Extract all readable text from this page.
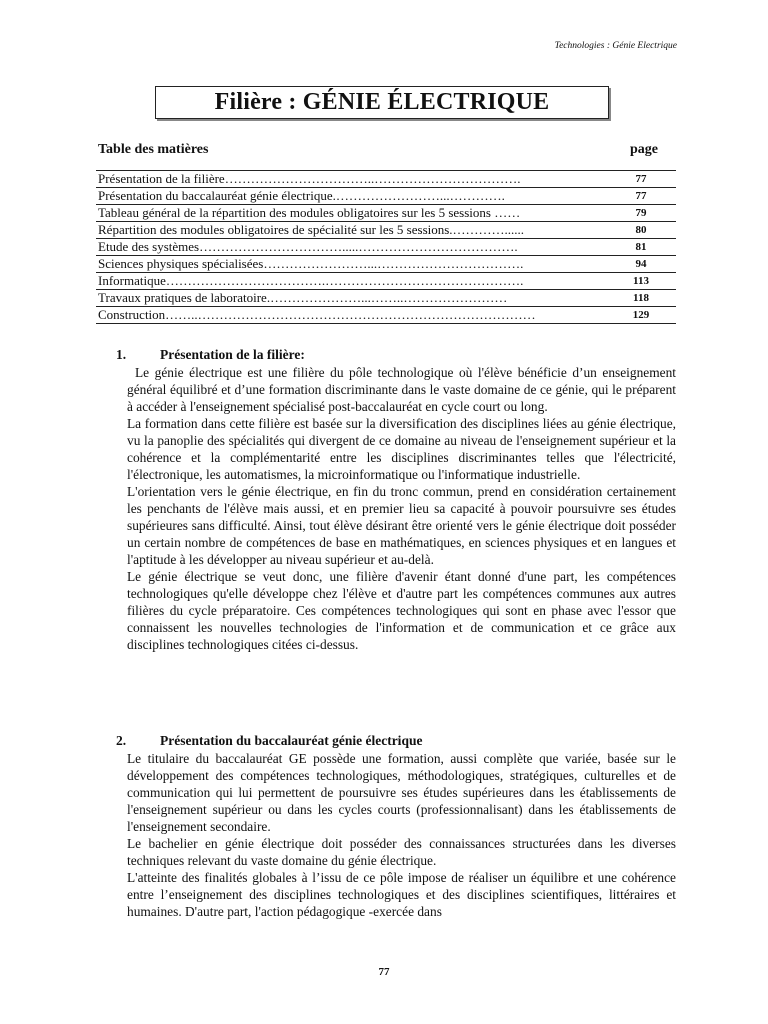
Technologies : Génie Electrique
Filière : GÉNIE ÉLECTRIQUE
Table des matières	page
Présentation de la filière……………………………..…………………………….	77
Présentation du baccalauréat génie électrique.……………………...………….	77
Tableau général de la répartition des modules obligatoires sur les 5 sessions ……	79
Répartition des modules obligatoires de spécialité sur les 5 sessions.…………......	80
Etude des systèmes…………………………….....……………………………….	81
Sciences physiques spécialisées……………………...…………………………….	94
Informatique……………………………….……………………………………….	113
Travaux pratiques de laboratoire.…………………...……..……………………	118
Construction……..……………………………………………………………………	129
1.	Présentation de la filière:

Le génie électrique est une filière du pôle technologique où l'élève bénéficie d’un enseignement général équilibré et d’une formation discriminante dans le vaste domaine de ce génie, qui le préparent à accéder à l'enseignement spécialisé post-baccalauréat en cycle court ou long.

La formation dans cette filière est basée sur la diversification des disciplines liées au génie électrique, vu la panoplie des spécialités qui divergent de ce domaine au niveau de l'enseignement supérieur et la cohérence et la complémentarité entre les disciplines discriminantes telles que l'électricité, l'électronique, les automatismes, la microinformatique ou l'informatique industrielle.

L'orientation vers le génie électrique, en fin du tronc commun, prend en considération certainement les penchants de l'élève mais aussi, et en premier lieu sa capacité à pouvoir poursuivre ses études supérieures sans difficulté. Ainsi, tout élève désirant être orienté vers le génie électrique doit posséder un certain nombre de compétences de base en mathématiques, en sciences physiques et en langues et l'aptitude à les développer au niveau supérieur et au-delà.

Le génie électrique se veut donc, une filière d'avenir étant donné d'une part, les compétences technologiques qu'elle développe chez l'élève et d'autre part les compétences communes aux autres filières du cycle préparatoire. Ces compétences technologiques qui sont en phase avec l'essor que connaissent les nouvelles technologies de l'information et de communication et ce grâce aux disciplines technologiques citées ci-dessus.

2.	Présentation du baccalauréat génie électrique

Le titulaire du baccalauréat GE possède une formation, aussi complète que variée, basée sur le développement des compétences technologiques, méthodologiques, stratégiques, culturelles et de communication qui lui permettent de poursuivre ses études supérieures dans les établissements de l'enseignement supérieur ou dans les cycles courts (professionnalisant) dans les établissements de l'enseignement secondaire.

Le bachelier en génie électrique doit posséder des connaissances structurées dans les diverses techniques relevant du vaste domaine du génie électrique.

L'atteinte des finalités globales à l’issu de ce pôle impose de réaliser un équilibre et une cohérence entre l’enseignement des disciplines technologiques et des disciplines scientifiques, littéraires et humaines. D'autre part, l'action pédagogique -exercée dans

77
